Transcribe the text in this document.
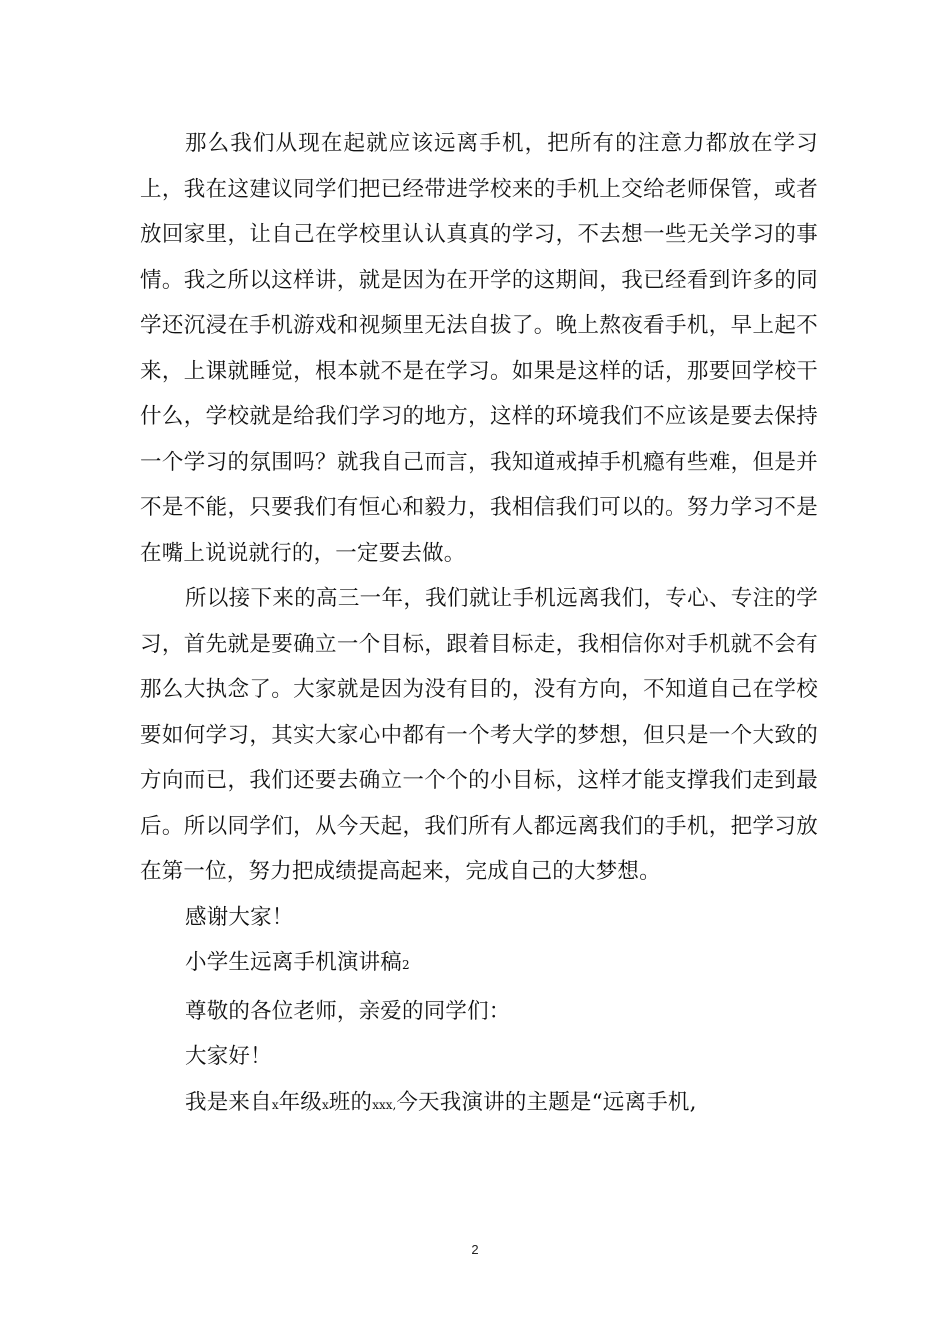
那么我们从现在起就应该远离手机，把所有的注意力都放在学习上，我在这建议同学们把已经带进学校来的手机上交给老师保管，或者放回家里，让自己在学校里认认真真的学习，不去想一些无关学习的事情。我之所以这样讲，就是因为在开学的这期间，我已经看到许多的同学还沉浸在手机游戏和视频里无法自拔了。晚上熬夜看手机，早上起不来，上课就睡觉，根本就不是在学习。如果是这样的话，那要回学校干什么，学校就是给我们学习的地方，这样的环境我们不应该是要去保持一个学习的氛围吗？就我自己而言，我知道戒掉手机瘾有些难，但是并不是不能，只要我们有恒心和毅力，我相信我们可以的。努力学习不是在嘴上说说就行的，一定要去做。

所以接下来的高三一年，我们就让手机远离我们，专心、专注的学习，首先就是要确立一个目标，跟着目标走，我相信你对手机就不会有那么大执念了。大家就是因为没有目的，没有方向，不知道自己在学校要如何学习，其实大家心中都有一个考大学的梦想，但只是一个大致的方向而已，我们还要去确立一个个的小目标，这样才能支撑我们走到最后。所以同学们，从今天起，我们所有人都远离我们的手机，把学习放在第一位，努力把成绩提高起来，完成自己的大梦想。

感谢大家！

小学生远离手机演讲稿2

尊敬的各位老师，亲爱的同学们：

大家好！

我是来自x年级x班的xxx,今天我演讲的主题是“远离手机,

2
